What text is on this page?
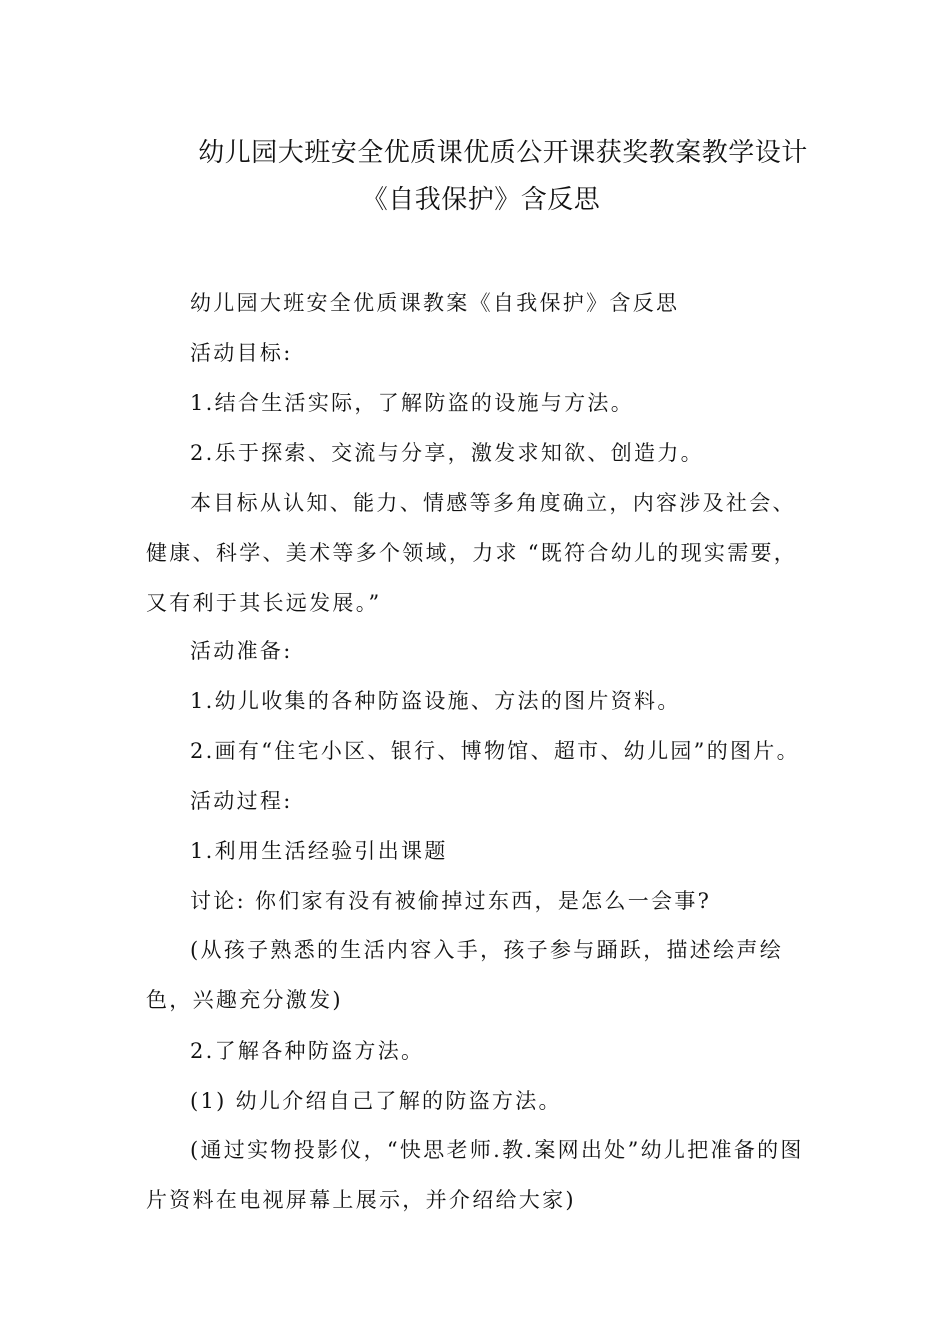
幼儿园大班安全优质课优质公开课获奖教案教学设计
《自我保护》含反思

幼儿园大班安全优质课教案《自我保护》含反思

活动目标:

1.结合生活实际，了解防盗的设施与方法。

2.乐于探索、交流与分享，激发求知欲、创造力。

本目标从认知、能力、情感等多角度确立，内容涉及社会、健康、科学、美术等多个领域，力求 “既符合幼儿的现实需要，又有利于其长远发展。”

活动准备:

1.幼儿收集的各种防盗设施、方法的图片资料。

2.画有“住宅小区、银行、博物馆、超市、幼儿园”的图片。

活动过程:

1.利用生活经验引出课题

讨论: 你们家有没有被偷掉过东西，是怎么一会事?

(从孩子熟悉的生活内容入手，孩子参与踊跃，描述绘声绘色，兴趣充分激发)

2.了解各种防盗方法。

(1) 幼儿介绍自己了解的防盗方法。

(通过实物投影仪，“快思老师.教.案网出处”幼儿把准备的图片资料在电视屏幕上展示，并介绍给大家)
